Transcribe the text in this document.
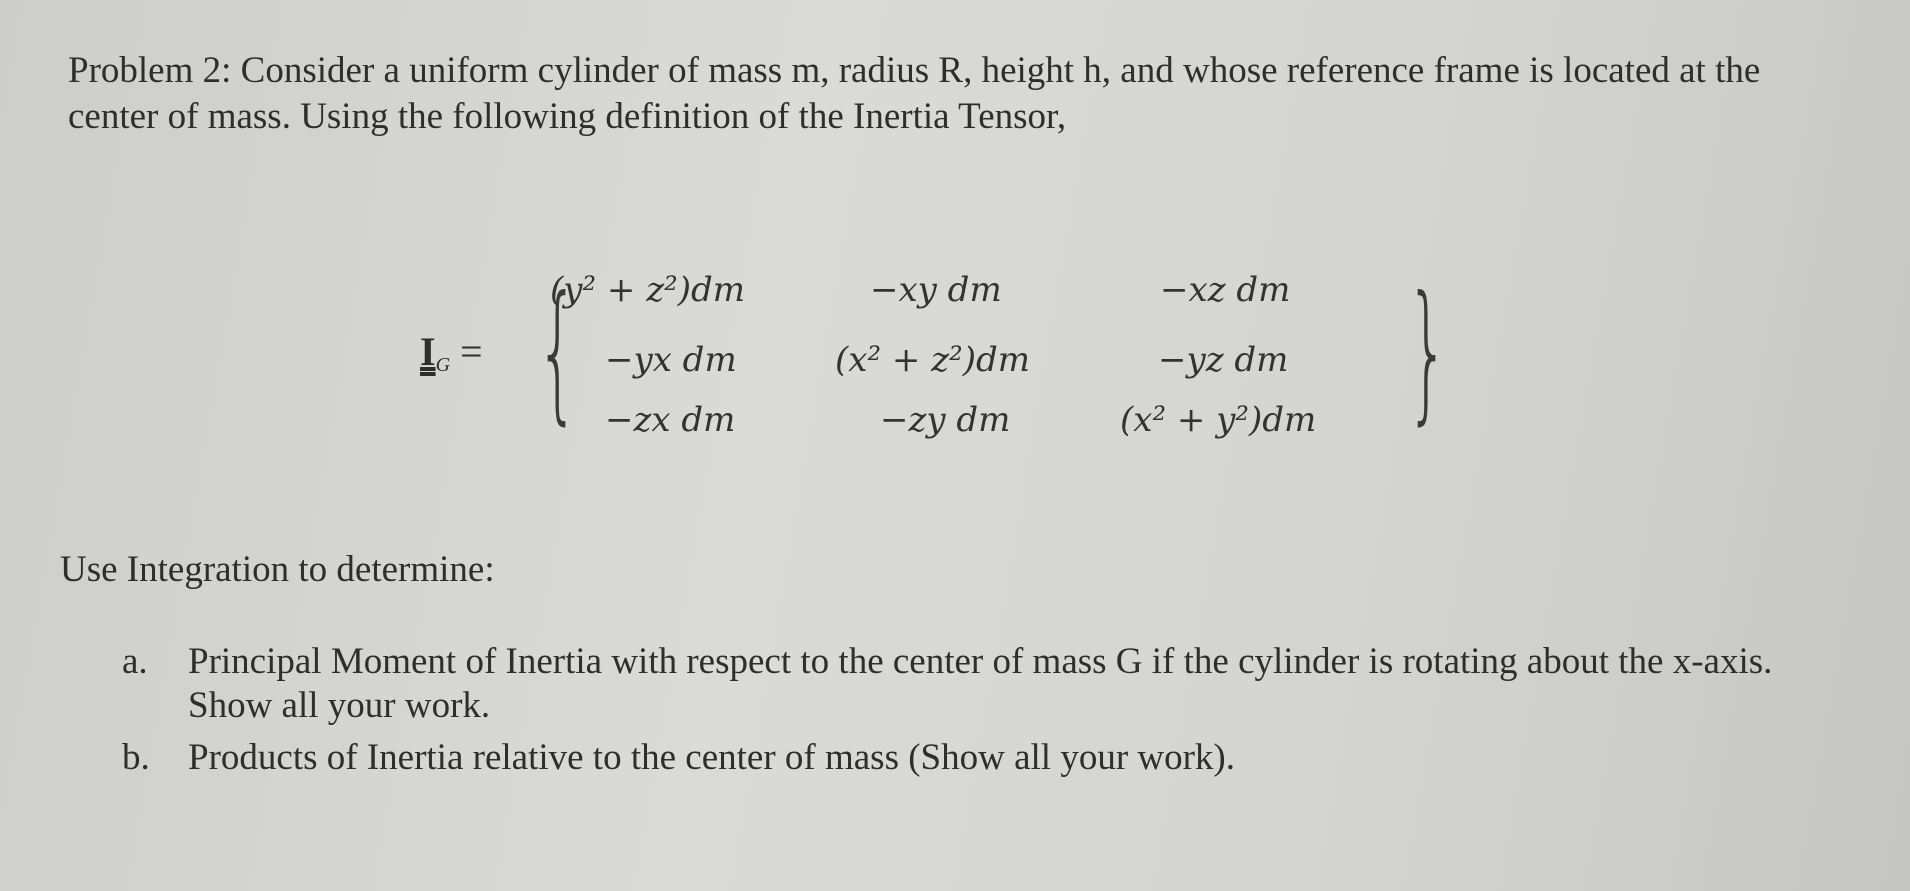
Problem 2: Consider a uniform cylinder of mass m, radius R, height h, and whose reference frame is located at the center of mass. Using the following definition of the Inertia Tensor,
$I_G$ = {
(y² + z²)dm	−xy dm	−xz dm
−yx dm	(x² + z²)dm	−yz dm
−zx dm	−zy dm	(x² + y²)dm }
Use Integration to determine:
a. Principal Moment of Inertia with respect to the center of mass G if the cylinder is rotating about the x-axis. Show all your work.
b. Products of Inertia relative to the center of mass (Show all your work).
